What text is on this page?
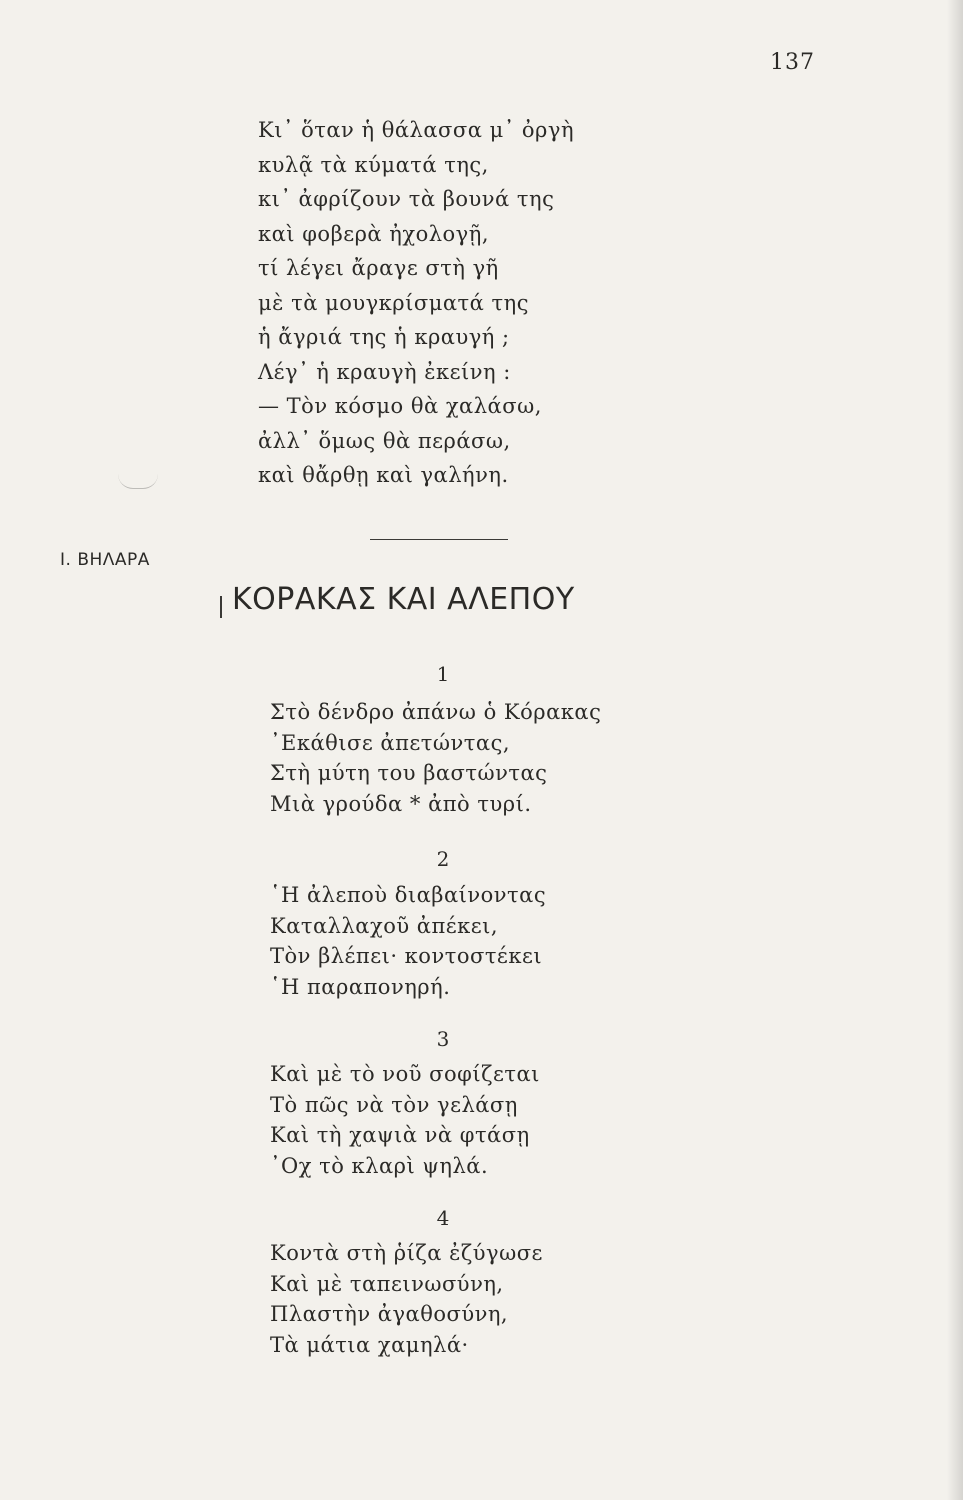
137
Κι᾽ ὅταν ἡ θάλασσα μ᾽ ὀργὴ
κυλᾷ τὰ κύματά της,
κι᾽ ἀφρίζουν τὰ βουνά της
καὶ φοβερὰ ἠχολογῇ,
τί λέγει ἄραγε στὴ γῆ
μὲ τὰ μουγκρίσματά της
ἡ ἄγριά της ἡ κραυγή ;
Λέγ᾽ ἡ κραυγὴ ἐκείνη :
— Τὸν κόσμο θὰ χαλάσω,
ἀλλ᾽ ὅμως θὰ περάσω,
καὶ θἄρθῃ καὶ γαλήνη.
Ι. ΒΗΛΑΡΑ
ΚΟΡΑΚΑΣ ΚΑΙ ΑΛΕΠΟΥ
1
Στὸ δένδρο ἀπάνω ὁ Κόρακας
᾽Εκάθισε ἀπετώντας,
Στὴ μύτη του βαστώντας
Μιὰ γρούδα * ἀπὸ τυρί.
2
῾Η ἀλεποὺ διαβαίνοντας
Καταλλαχοῦ ἀπέκει,
Τὸν βλέπει· κοντοστέκει
῾Η παραπονηρή.
3
Καὶ μὲ τὸ νοῦ σοφίζεται
Τὸ πῶς νὰ τὸν γελάσῃ
Καὶ τὴ χαψιὰ νὰ φτάσῃ
᾽Οχ τὸ κλαρὶ ψηλά.
4
Κοντὰ στὴ ῥίζα ἐζύγωσε
Καὶ μὲ ταπεινωσύνη,
Πλαστὴν ἀγαθοσύνη,
Τὰ μάτια χαμηλά·
